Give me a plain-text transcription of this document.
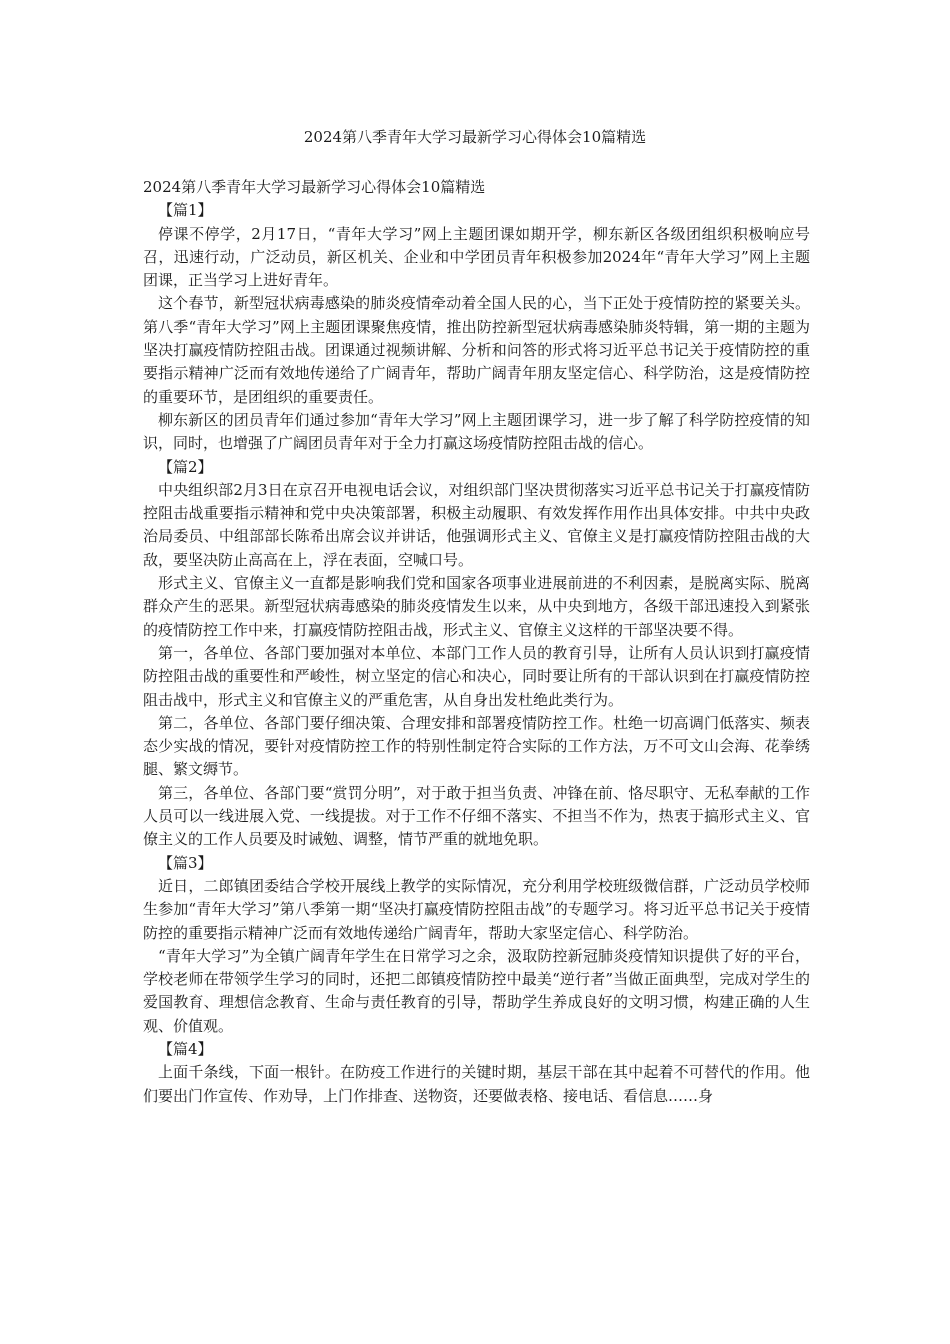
2024第八季青年大学习最新学习心得体会10篇精选

2024第八季青年大学习最新学习心得体会10篇精选

【篇1】

停课不停学，2月17日，“青年大学习”网上主题团课如期开学，柳东新区各级团组织积极响应号召，迅速行动，广泛动员，新区机关、企业和中学团员青年积极参加2024年“青年大学习”网上主题团课，正当学习上进好青年。

这个春节，新型冠状病毒感染的肺炎疫情牵动着全国人民的心，当下正处于疫情防控的紧要关头。第八季“青年大学习”网上主题团课聚焦疫情，推出防控新型冠状病毒感染肺炎特辑，第一期的主题为坚决打赢疫情防控阻击战。团课通过视频讲解、分析和问答的形式将习近平总书记关于疫情防控的重要指示精神广泛而有效地传递给了广阔青年，帮助广阔青年朋友坚定信心、科学防治，这是疫情防控的重要环节，是团组织的重要责任。

柳东新区的团员青年们通过参加“青年大学习”网上主题团课学习，进一步了解了科学防控疫情的知识，同时，也增强了广阔团员青年对于全力打赢这场疫情防控阻击战的信心。

【篇2】

中央组织部2月3日在京召开电视电话会议，对组织部门坚决贯彻落实习近平总书记关于打赢疫情防控阻击战重要指示精神和党中央决策部署，积极主动履职、有效发挥作用作出具体安排。中共中央政治局委员、中组部部长陈希出席会议并讲话，他强调形式主义、官僚主义是打赢疫情防控阻击战的大敌，要坚决防止高高在上，浮在表面，空喊口号。

形式主义、官僚主义一直都是影响我们党和国家各项事业进展前进的不利因素，是脱离实际、脱离群众产生的恶果。新型冠状病毒感染的肺炎疫情发生以来，从中央到地方，各级干部迅速投入到紧张的疫情防控工作中来，打赢疫情防控阻击战，形式主义、官僚主义这样的干部坚决要不得。

第一，各单位、各部门要加强对本单位、本部门工作人员的教育引导，让所有人员认识到打赢疫情防控阻击战的重要性和严峻性，树立坚定的信心和决心，同时要让所有的干部认识到在打赢疫情防控阻击战中，形式主义和官僚主义的严重危害，从自身出发杜绝此类行为。

第二，各单位、各部门要仔细决策、合理安排和部署疫情防控工作。杜绝一切高调门低落实、频表态少实战的情况，要针对疫情防控工作的特别性制定符合实际的工作方法，万不可文山会海、花拳绣腿、繁文缛节。

第三，各单位、各部门要“赏罚分明”，对于敢于担当负责、冲锋在前、恪尽职守、无私奉献的工作人员可以一线进展入党、一线提拔。对于工作不仔细不落实、不担当不作为，热衷于搞形式主义、官僚主义的工作人员要及时诫勉、调整，情节严重的就地免职。

【篇3】

近日，二郎镇团委结合学校开展线上教学的实际情况，充分利用学校班级微信群，广泛动员学校师生参加“青年大学习”第八季第一期“坚决打赢疫情防控阻击战”的专题学习。将习近平总书记关于疫情防控的重要指示精神广泛而有效地传递给广阔青年，帮助大家坚定信心、科学防治。

“青年大学习”为全镇广阔青年学生在日常学习之余，汲取防控新冠肺炎疫情知识提供了好的平台，学校老师在带领学生学习的同时，还把二郎镇疫情防控中最美“逆行者”当做正面典型，完成对学生的爱国教育、理想信念教育、生命与责任教育的引导，帮助学生养成良好的文明习惯，构建正确的人生观、价值观。

【篇4】

上面千条线，下面一根针。在防疫工作进行的关键时期，基层干部在其中起着不可替代的作用。他们要出门作宣传、作劝导，上门作排查、送物资，还要做表格、接电话、看信息……身
